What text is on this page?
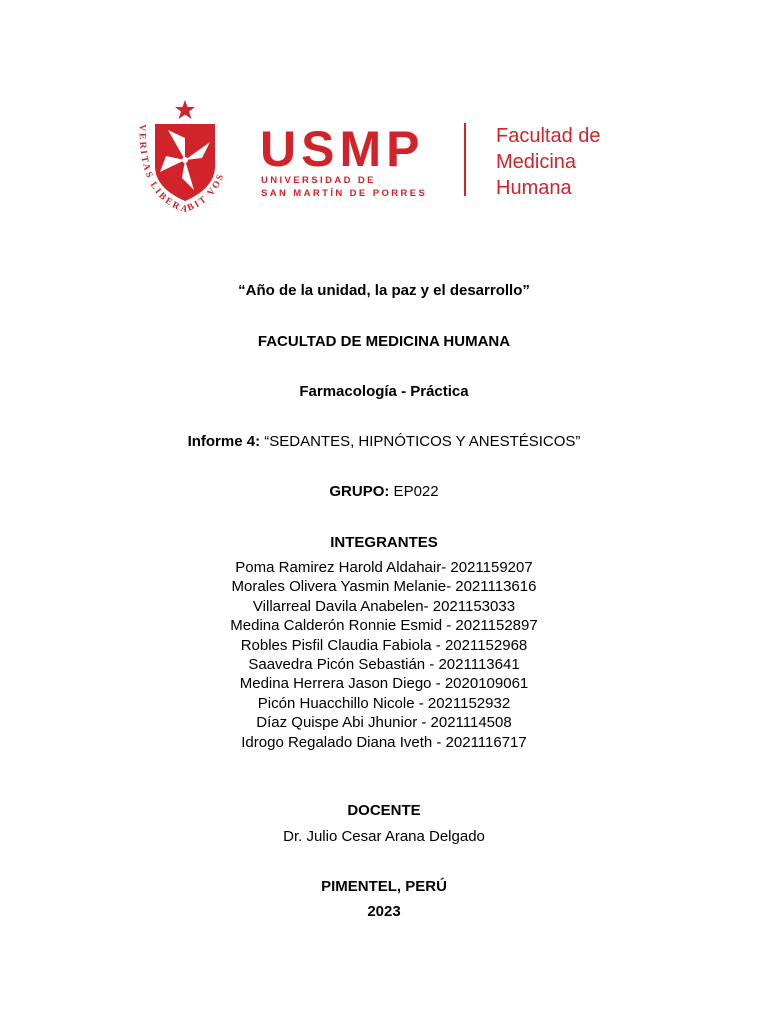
VERITAS LIBERABIT VOS USMP
UNIVERSIDAD DE
SAN MARTÍN DE PORRES
Facultad de
Medicina
Humana
“Año de la unidad, la paz y el desarrollo”
FACULTAD DE MEDICINA HUMANA
Farmacología - Práctica
Informe 4: “SEDANTES, HIPNÓTICOS Y ANESTÉSICOS”
GRUPO: EP022
INTEGRANTES
Poma Ramirez Harold Aldahair- 2021159207
Morales Olivera Yasmin Melanie- 2021113616
Villarreal Davila Anabelen- 2021153033
Medina Calderón Ronnie Esmid - 2021152897
Robles Pisfil Claudia Fabiola - 2021152968
Saavedra Picón Sebastián - 2021113641
Medina Herrera Jason Diego - 2020109061
Picón Huacchillo Nicole - 2021152932
Díaz Quispe Abi Jhunior - 2021114508
Idrogo Regalado Diana Iveth - 2021116717
DOCENTE
Dr. Julio Cesar Arana Delgado
PIMENTEL, PERÚ
2023
